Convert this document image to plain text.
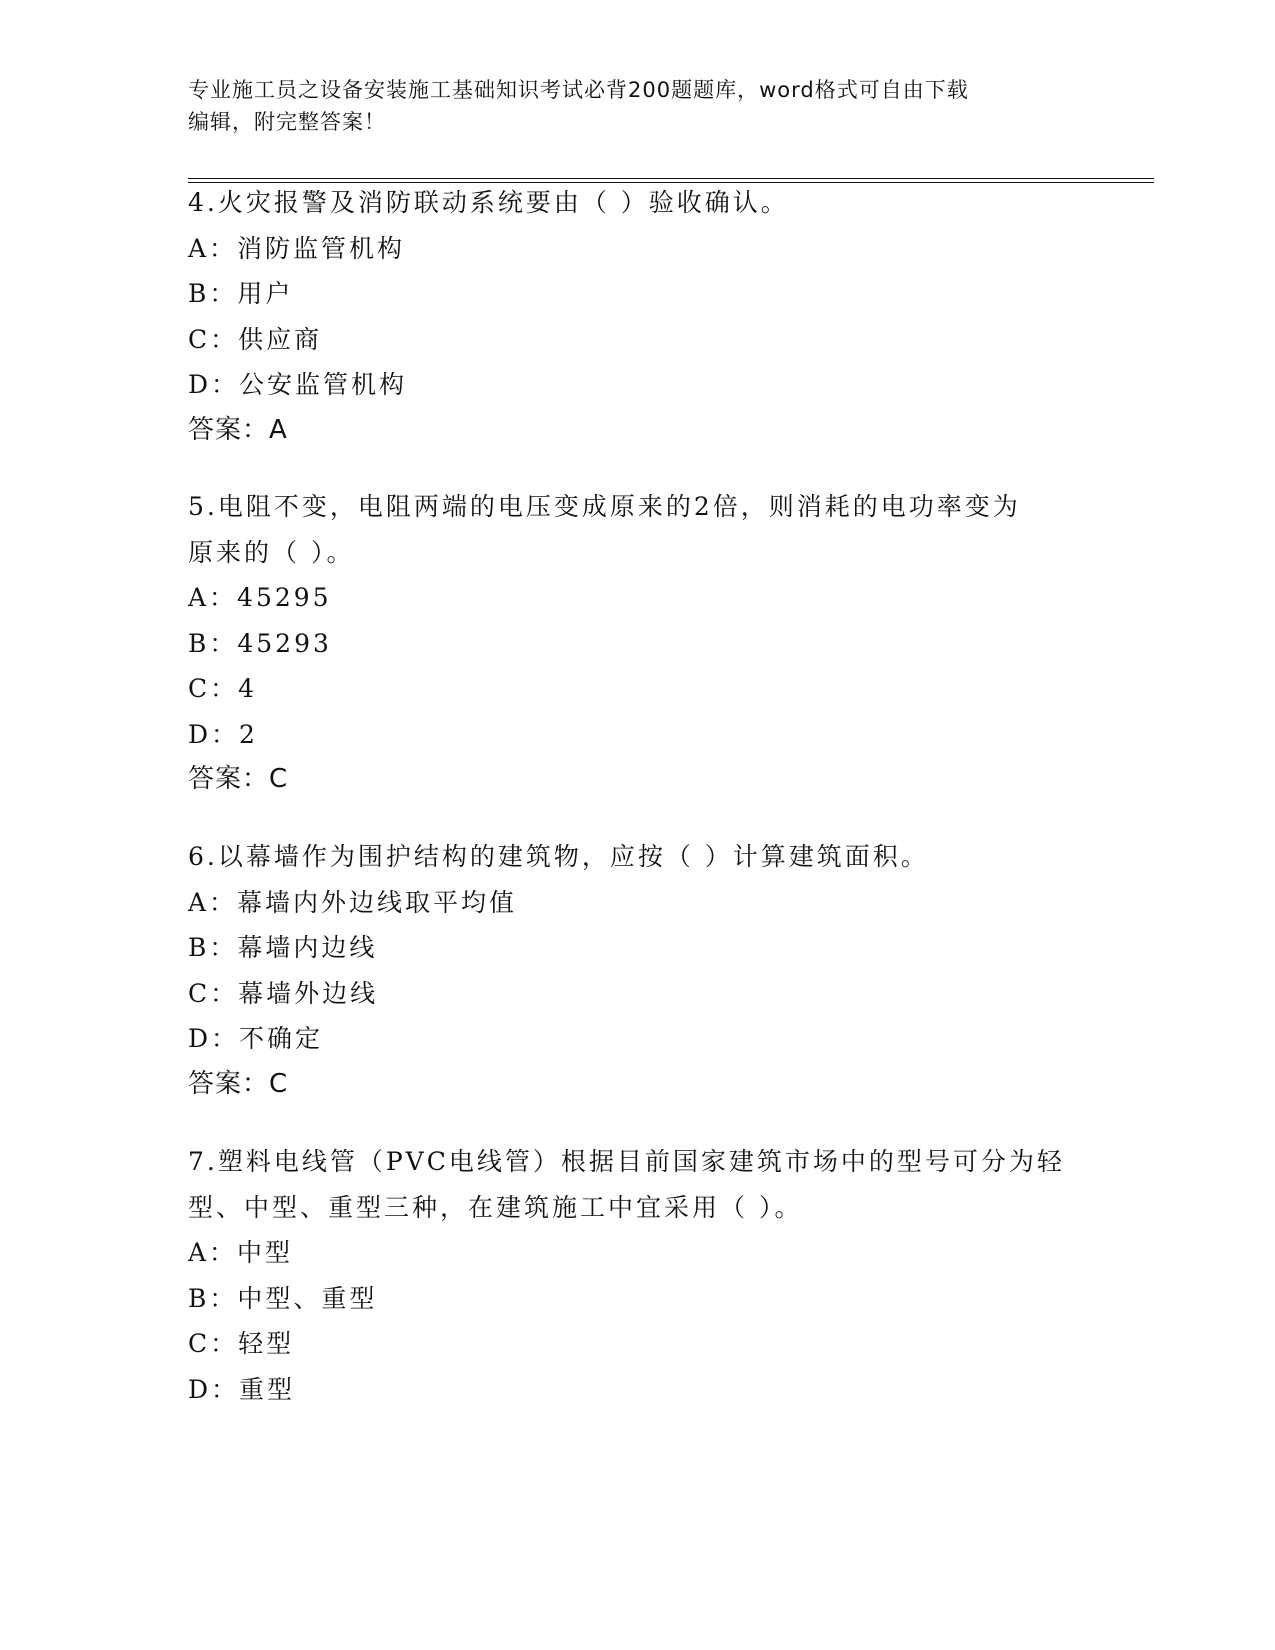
专业施工员之设备安装施工基础知识考试必背200题题库，word格式可自由下载
编辑，附完整答案！
4.火灾报警及消防联动系统要由（ ）验收确认。
A：消防监管机构
B：用户
C：供应商
D：公安监管机构
答案：A
5.电阻不变，电阻两端的电压变成原来的2倍，则消耗的电功率变为
原来的（ ）。
A：45295
B：45293
C：4
D：2
答案：C
6.以幕墙作为围护结构的建筑物，应按（ ）计算建筑面积。
A：幕墙内外边线取平均值
B：幕墙内边线
C：幕墙外边线
D：不确定
答案：C
7.塑料电线管（PVC电线管）根据目前国家建筑市场中的型号可分为轻
型、中型、重型三种，在建筑施工中宜采用（ ）。
A：中型
B：中型、重型
C：轻型
D：重型
